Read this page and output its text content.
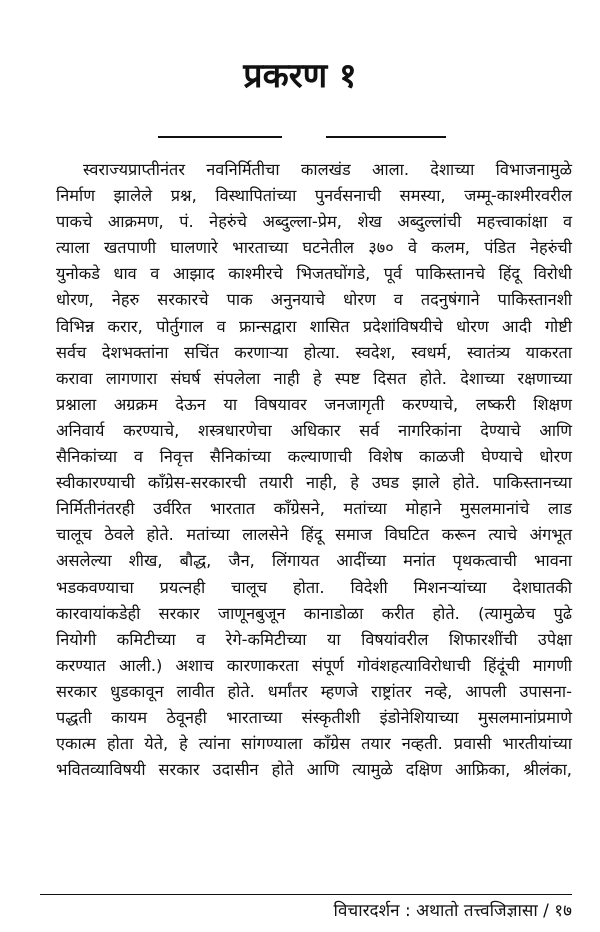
प्रकरण १
स्वराज्यप्राप्तीनंतर नवनिर्मितीचा कालखंड आला. देशाच्या विभाजनामुळे
निर्माण झालेले प्रश्न, विस्थापितांच्या पुनर्वसनाची समस्या, जम्मू-काश्मीरवरील
पाकचे आक्रमण, पं. नेहरुंचे अब्दुल्ला-प्रेम, शेख अब्दुल्लांची महत्त्वाकांक्षा व
त्याला खतपाणी घालणारे भारताच्या घटनेतील ३७० वे कलम, पंडित नेहरुंची
युनोकडे धाव व आझाद काश्मीरचे भिजतघोंगडे, पूर्व पाकिस्तानचे हिंदू विरोधी
धोरण, नेहरु सरकारचे पाक अनुनयाचे धोरण व तदनुषंगाने पाकिस्तानशी
विभिन्न करार, पोर्तुगाल व फ्रान्सद्वारा शासित प्रदेशांविषयीचे धोरण आदी गोष्टी
सर्वच देशभक्तांना सचिंत करणाऱ्या होत्या. स्वदेश, स्वधर्म, स्वातंत्र्य याकरता
करावा लागणारा संघर्ष संपलेला नाही हे स्पष्ट दिसत होते. देशाच्या रक्षणाच्या
प्रश्नाला अग्रक्रम देऊन या विषयावर जनजागृती करण्याचे, लष्करी शिक्षण
अनिवार्य करण्याचे, शस्त्रधारणेचा अधिकार सर्व नागरिकांना देण्याचे आणि
सैनिकांच्या व निवृत्त सैनिकांच्या कल्याणाची विशेष काळजी घेण्याचे धोरण
स्वीकारण्याची कॉंग्रेस-सरकारची तयारी नाही, हे उघड झाले होते. पाकिस्तानच्या
निर्मितीनंतरही उर्वरित भारतात कॉंग्रेसने, मतांच्या मोहाने मुसलमानांचे लाड
चालूच ठेवले होते. मतांच्या लालसेने हिंदू समाज विघटित करून त्याचे अंगभूत
असलेल्या शीख, बौद्ध, जैन, लिंगायत आदींच्या मनांत पृथकत्वाची भावना
भडकवण्याचा प्रयत्नही चालूच होता. विदेशी मिशनऱ्यांच्या देशघातकी
कारवायांकडेही सरकार जाणूनबुजून कानाडोळा करीत होते. (त्यामुळेच पुढे
नियोगी कमिटीच्या व रेगे-कमिटीच्या या विषयांवरील शिफारशींची उपेक्षा
करण्यात आली.) अशाच कारणाकरता संपूर्ण गोवंशहत्याविरोधाची हिंदूंची मागणी
सरकार धुडकावून लावीत होते. धर्मांतर म्हणजे राष्ट्रांतर नव्हे, आपली उपासना-
पद्धती कायम ठेवूनही भारताच्या संस्कृतीशी इंडोनेशियाच्या मुसलमानांप्रमाणे
एकात्म होता येते, हे त्यांना सांगण्याला कॉंग्रेस तयार नव्हती. प्रवासी भारतीयांच्या
भवितव्याविषयी सरकार उदासीन होते आणि त्यामुळे दक्षिण आफ्रिका, श्रीलंका,
विचारदर्शन : अथातो तत्त्वजिज्ञासा / १७
